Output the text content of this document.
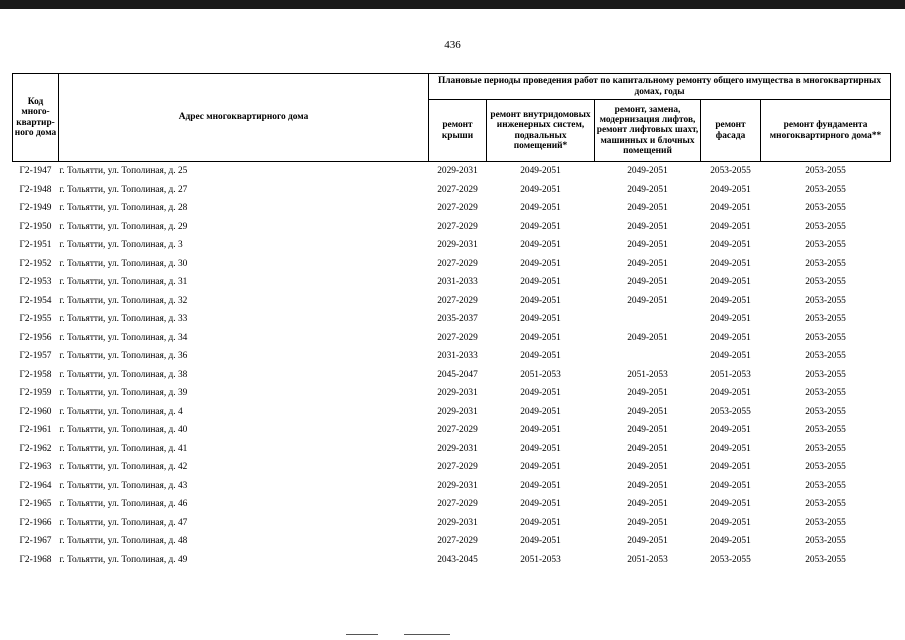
436
Код много-квартир-ного дома	Адрес многоквартирного дома	Плановые периоды проведения работ по капитальному ремонту общего имущества в многоквартирных домах, годы				
		ремонт крыши	ремонт внутридомовых инженерных систем, подвальных помещений*	ремонт, замена, модернизация лифтов, ремонт лифтовых шахт, машинных и блочных помещений	ремонт фасада	ремонт фундамента многоквартирного дома**
Г2-1947	г. Тольятти, ул. Тополиная, д. 25	2029-2031	2049-2051	2049-2051	2053-2055	2053-2055
Г2-1948	г. Тольятти, ул. Тополиная, д. 27	2027-2029	2049-2051	2049-2051	2049-2051	2053-2055
Г2-1949	г. Тольятти, ул. Тополиная, д. 28	2027-2029	2049-2051	2049-2051	2049-2051	2053-2055
Г2-1950	г. Тольятти, ул. Тополиная, д. 29	2027-2029	2049-2051	2049-2051	2049-2051	2053-2055
Г2-1951	г. Тольятти, ул. Тополиная, д. 3	2029-2031	2049-2051	2049-2051	2049-2051	2053-2055
Г2-1952	г. Тольятти, ул. Тополиная, д. 30	2027-2029	2049-2051	2049-2051	2049-2051	2053-2055
Г2-1953	г. Тольятти, ул. Тополиная, д. 31	2031-2033	2049-2051	2049-2051	2049-2051	2053-2055
Г2-1954	г. Тольятти, ул. Тополиная, д. 32	2027-2029	2049-2051	2049-2051	2049-2051	2053-2055
Г2-1955	г. Тольятти, ул. Тополиная, д. 33	2035-2037	2049-2051		2049-2051	2053-2055
Г2-1956	г. Тольятти, ул. Тополиная, д. 34	2027-2029	2049-2051	2049-2051	2049-2051	2053-2055
Г2-1957	г. Тольятти, ул. Тополиная, д. 36	2031-2033	2049-2051		2049-2051	2053-2055
Г2-1958	г. Тольятти, ул. Тополиная, д. 38	2045-2047	2051-2053	2051-2053	2051-2053	2053-2055
Г2-1959	г. Тольятти, ул. Тополиная, д. 39	2029-2031	2049-2051	2049-2051	2049-2051	2053-2055
Г2-1960	г. Тольятти, ул. Тополиная, д. 4	2029-2031	2049-2051	2049-2051	2053-2055	2053-2055
Г2-1961	г. Тольятти, ул. Тополиная, д. 40	2027-2029	2049-2051	2049-2051	2049-2051	2053-2055
Г2-1962	г. Тольятти, ул. Тополиная, д. 41	2029-2031	2049-2051	2049-2051	2049-2051	2053-2055
Г2-1963	г. Тольятти, ул. Тополиная, д. 42	2027-2029	2049-2051	2049-2051	2049-2051	2053-2055
Г2-1964	г. Тольятти, ул. Тополиная, д. 43	2029-2031	2049-2051	2049-2051	2049-2051	2053-2055
Г2-1965	г. Тольятти, ул. Тополиная, д. 46	2027-2029	2049-2051	2049-2051	2049-2051	2053-2055
Г2-1966	г. Тольятти, ул. Тополиная, д. 47	2029-2031	2049-2051	2049-2051	2049-2051	2053-2055
Г2-1967	г. Тольятти, ул. Тополиная, д. 48	2027-2029	2049-2051	2049-2051	2049-2051	2053-2055
Г2-1968	г. Тольятти, ул. Тополиная, д. 49	2043-2045	2051-2053	2051-2053	2053-2055	2053-2055
